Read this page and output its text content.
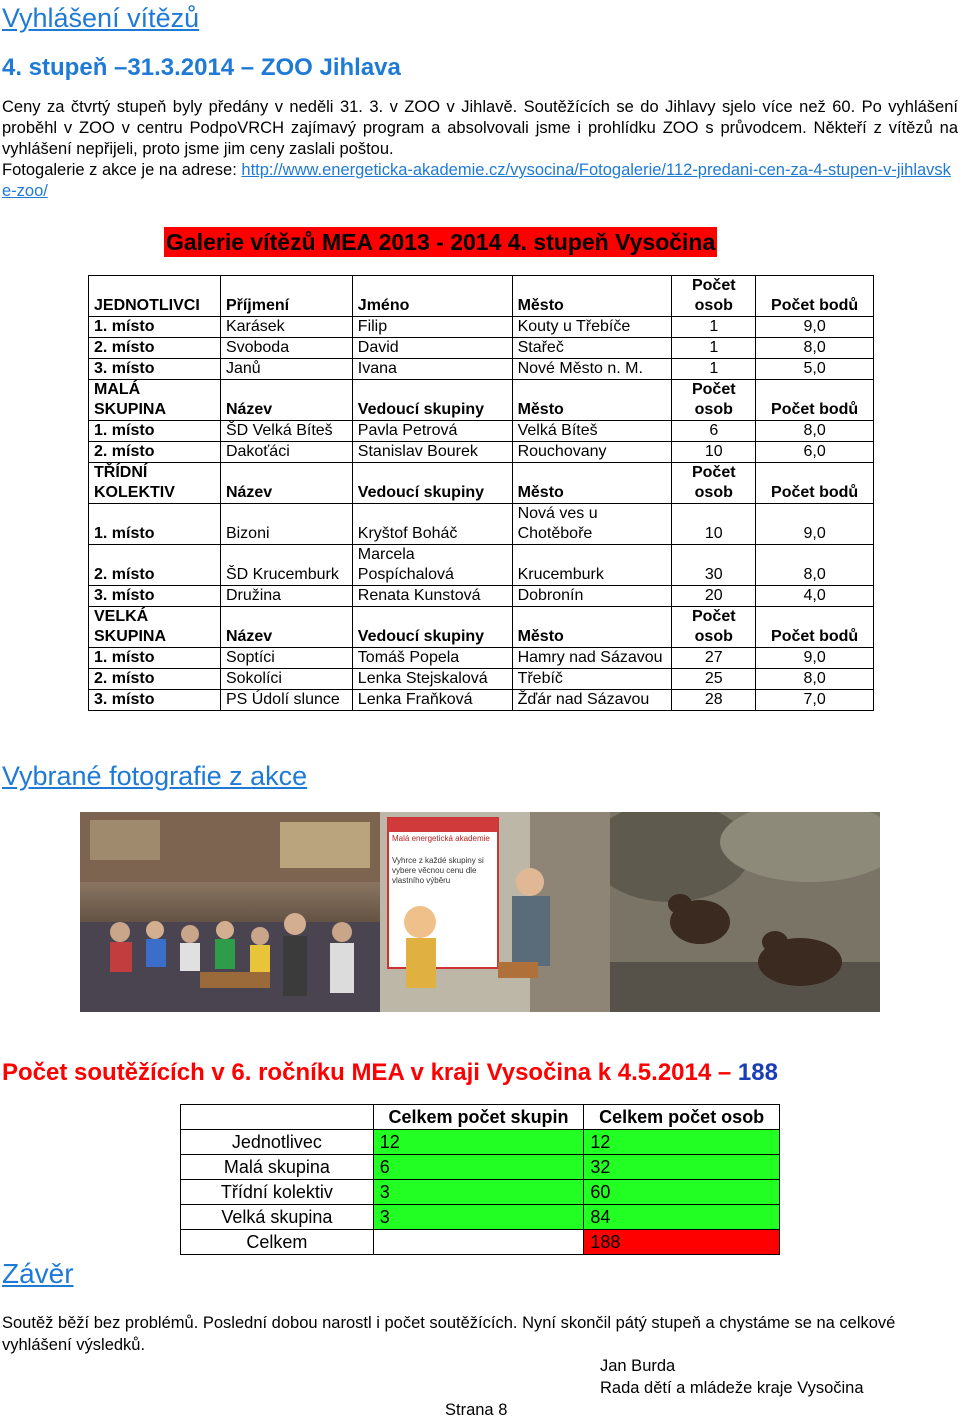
Vyhlášení vítězů
4. stupeň –31.3.2014 – ZOO Jihlava

Ceny za čtvrtý stupeň byly předány v neděli 31. 3. v ZOO v Jihlavě. Soutěžících se do Jihlavy sjelo více než 60. Po vyhlášení proběhl v ZOO v centru PodpoVRCH zajímavý program a absolvovali jsme i prohlídku ZOO s průvodcem. Někteří z vítězů na vyhlášení nepřijeli, proto jsme jim ceny zaslali poštou.

Fotogalerie z akce je na adrese: http://www.energeticka-akademie.cz/vysocina/Fotogalerie/112-predani-cen-za-4-stupen-v-jihlavske-zoo/

Galerie vítězů MEA 2013 - 2014 4. stupeň Vysočina
JEDNOTLIVCI	Příjmení	Jméno	Město	Počet osob	Počet bodů
1. místo	Karásek	Filip	Kouty u Třebíče	1	9,0
2. místo	Svoboda	David	Stařeč	1	8,0
3. místo	Janů	Ivana	Nové Město n. M.	1	5,0
MALÁ SKUPINA	Název	Vedoucí skupiny	Město	Počet osob	Počet bodů
1. místo	ŠD Velká Bíteš	Pavla Petrová	Velká Bíteš	6	8,0
2. místo	Dakoťáci	Stanislav Bourek	Rouchovany	10	6,0
TŘÍDNÍ KOLEKTIV	Název	Vedoucí skupiny	Město	Počet osob	Počet bodů
1. místo	Bizoni	Kryštof Boháč	Nová ves u Chotěboře	10	9,0
2. místo	ŠD Krucemburk	Marcela Pospíchalová	Krucemburk	30	8,0
3. místo	Družina	Renata Kunstová	Dobronín	20	4,0
VELKÁ SKUPINA	Název	Vedoucí skupiny	Město	Počet osob	Počet bodů
1. místo	Soptíci	Tomáš Popela	Hamry nad Sázavou	27	9,0
2. místo	Sokolíci	Lenka Stejskalová	Třebíč	25	8,0
3. místo	PS Údolí slunce	Lenka Fraňková	Žďár nad Sázavou	28	7,0
Vybrané fotografie z akce
Malá energetická akademie
Vyhrce z každé skupiny si vybere věcnou cenu dle vlastního výběru
Počet soutěžících v 6. ročníku MEA v kraji Vysočina k 4.5.2014 – 188
	Celkem počet skupin	Celkem počet osob
Jednotlivec	12	12
Malá skupina	6	32
Třídní kolektiv	3	60
Velká skupina	3	84
Celkem		188
Závěr
Soutěž běží bez problémů. Poslední dobou narostl i počet soutěžících. Nyní skončil pátý stupeň a chystáme se na celkové vyhlášení výsledků.
Jan Burda
Rada dětí a mládeže kraje Vysočina
Strana 8
